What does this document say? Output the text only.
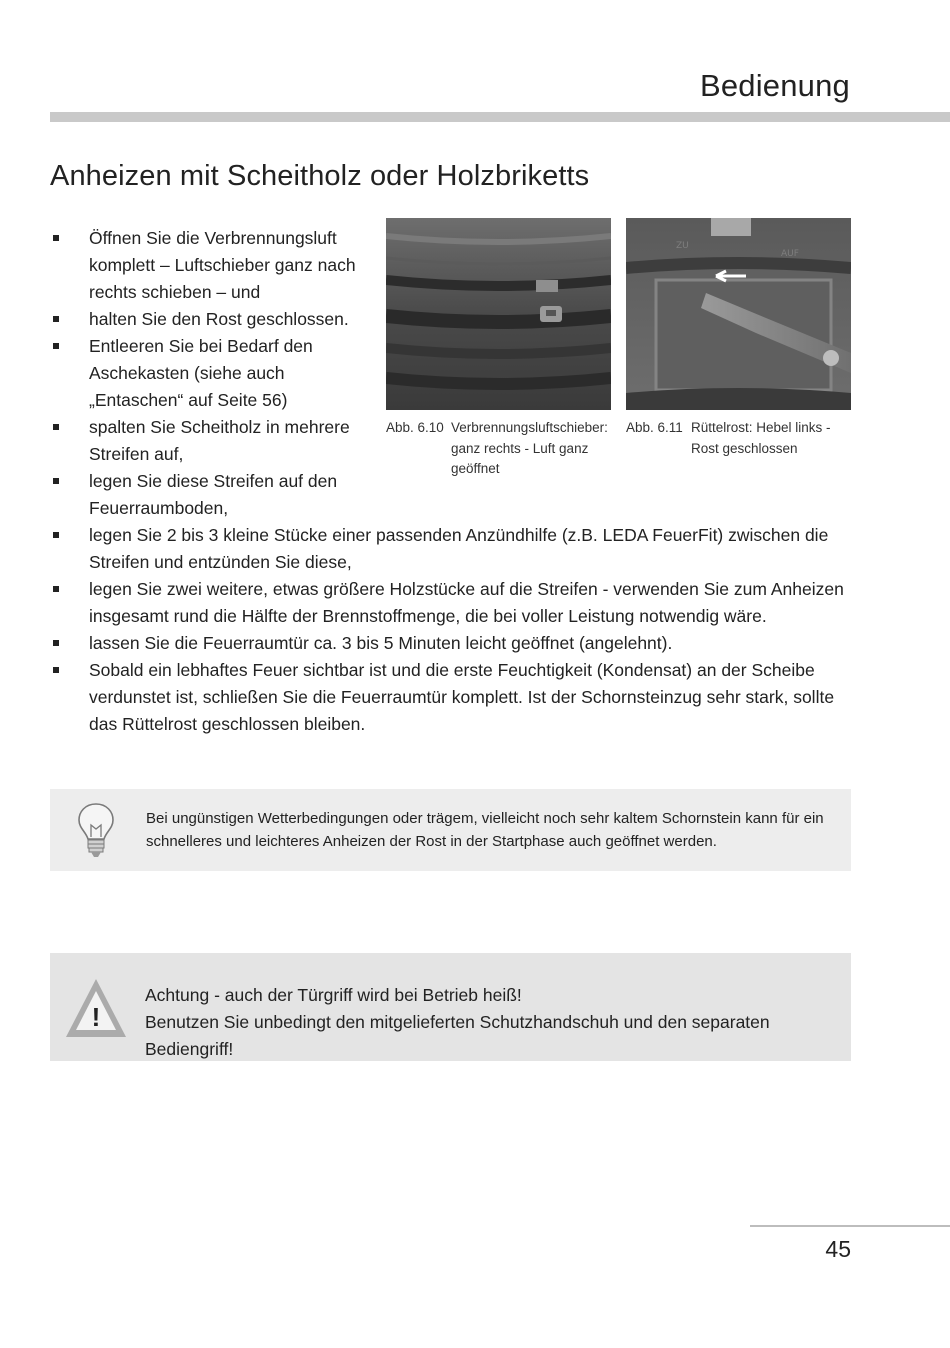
Bedienung
Anheizen mit Scheitholz oder Holzbriketts
Öffnen Sie die Verbrennungsluft komplett – Luftschieber ganz nach rechts schieben – und
halten Sie den Rost geschlossen.
Entleeren Sie bei Bedarf den Aschekasten (siehe auch „Entaschen“ auf Seite 56)
spalten Sie Scheitholz in mehrere Streifen auf,
legen Sie diese Streifen auf den Feuerraumboden,
legen Sie 2 bis 3 kleine Stücke einer passenden Anzündhilfe (z.B. LEDA FeuerFit) zwischen die Streifen und entzünden Sie diese,
legen Sie zwei weitere, etwas größere Holzstücke auf die Streifen - verwenden Sie zum Anheizen insgesamt rund die Hälfte der Brennstoffmenge, die bei voller Leistung notwendig wäre.
lassen Sie die Feuerraumtür ca. 3 bis 5 Minuten leicht geöffnet (angelehnt).
Sobald ein lebhaftes Feuer sichtbar ist und die erste Feuchtigkeit (Kondensat) an der Scheibe verdunstet ist, schließen Sie die Feuerraumtür komplett. Ist der Schornsteinzug sehr stark, sollte das Rüttelrost geschlossen bleiben.
Abb. 6.10 Verbrennungsluftschieber: ganz rechts - Luft ganz geöffnet
ZU
AUF
Abb. 6.11 Rüttelrost: Hebel links - Rost geschlossen
Bei ungünstigen Wetterbedingungen oder trägem, vielleicht noch sehr kaltem Schornstein kann für ein schnelleres und leichteres Anheizen der Rost in der Startphase auch geöffnet werden.
!
Achtung - auch der Türgriff wird bei Betrieb heiß!
Benutzen Sie unbedingt den mitgelieferten Schutzhandschuh und den separaten Bediengriff!
45
